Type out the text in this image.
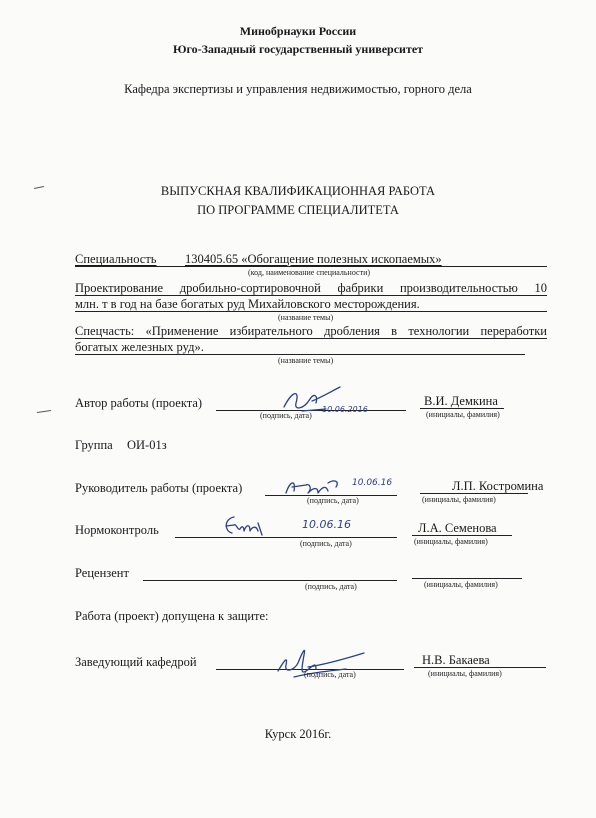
Минобрнауки России
Юго-Западный государственный университет
Кафедра экспертизы и управления недвижимостью, горного дела
ВЫПУСКНАЯ КВАЛИФИКАЦИОННАЯ РАБОТА
ПО ПРОГРАММЕ СПЕЦИАЛИТЕТА
Специальность 130405.65 «Обогащение полезных ископаемых»
(код, наименование специальности)
Проектирование дробильно-сортировочной фабрики производительностью 10
млн. т в год на базе богатых руд Михайловского месторождения.
(название темы)
Спецчасть: «Применение избирательного дробления в технологии переработки
богатых железных руд».
(название темы)
Автор работы (проекта)	10.06.2016
(подпись, дата)
В.И. Демкина
(инициалы, фамилия)
Группа ОИ-01з
Руководитель работы (проекта)	10.06.16
(подпись, дата)
Л.П. Костромина
(инициалы, фамилия)
Нормоконтроль	10.06.16
(подпись, дата)
Л.А. Семенова
(инициалы, фамилия)
Рецензент
(подпись, дата)	(инициалы, фамилия)
Работа (проект) допущена к защите:
Заведующий кафедрой
(подпись, дата)
Н.В. Бакаева
(инициалы, фамилия)
Курск 2016г.
